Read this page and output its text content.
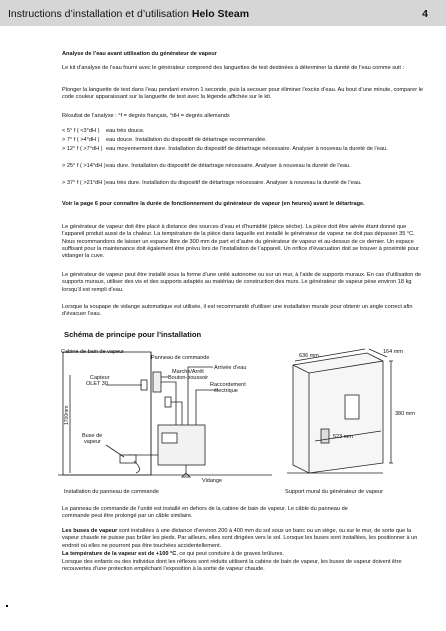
Instructions d’installation et d’utilisation Helo Steam	4

Analyse de l’eau avant utilisation du générateur de vapeur

Le kit d’analyse de l’eau fourni avec le générateur comprend des languettes de test destinées à déterminer la dureté de l’eau comme suit :

Plonger la languette de test dans l’eau pendant environ 1 seconde, puis la secouer pour éliminer l’excès d’eau. Au bout d’une minute, comparer le code couleur apparaissant sur la languette de test avec la légende affichée sur le kit.

Résultat de l’analyse : °f = degrés français, °dH = degrés allemands

< 5° f ( <3°dH )	eau très douce.
> 7° f ( >4°dH )	eau douce. Installation du dispositif de détartrage recommandée.
> 12° f ( >7°dH ) eau moyennement dure. Installation du dispositif de détartrage nécessaire. Analyser à nouveau la dureté de l’eau.
> 25° f ( >14°dH ) eau dure. Installation du dispositif de détartrage nécessaire. Analyser à nouveau la dureté de l’eau.
> 37° f ( >21°dH ) eau très dure. Installation du dispositif de détartrage nécessaire. Analyser à nouveau la dureté de l’eau.

Voir la page 6 pour connaître la durée de fonctionnement du générateur de vapeur (en heures) avant le détartrage.

Le générateur de vapeur doit être placé à distance des sources d’eau et d’humidité (pièce sèche). La pièce doit être aérée étant donné que l’appareil produit aussi de la chaleur. La température de la pièce dans laquelle est installé le générateur de vapeur ne doit pas dépasser 35 °C. Nous recommandons de laisser un espace libre de 300 mm de part et d’autre du générateur de vapeur et au-dessus de ce dernier. Un espace suffisant pour la maintenance doit également être prévu lors de l’installation de l’appareil. Un orifice d’évacuation doit se trouver à proximité pour vidanger la cuve.

Le générateur de vapeur peut être installé sous la forme d’une unité autonome ou sur un mur, à l’aide de supports muraux. En cas d’utilisation de supports muraux, utiliser des vis et des supports adaptés au matériau de construction des murs. Le générateur de vapeur pèse environ 18 kg lorsqu’il est rempli d’eau.

Lorsque la soupape de vidange automatique est utilisée, il est recommandé d’utiliser une installation murale pour obtenir un angle correct afin d’évacuer l’eau.

Schéma de principe pour l’installation
Cabine de bain de vapeur
Panneau de commande
Marche/Arrêt
Bouton-poussoir
Capteur
OLET 30
Arrivée d’eau
Raccordement
électrique
1700mm
Buse de
vapeur
Vidange
636 mm
164 mm
380 mm
523 mm
Installation du panneau de commande	Support mural du générateur de vapeur

Le panneau de commande de l’unité est installé en dehors de la cabine de bain de vapeur. Le câble du panneau de commande peut être prolongé par un câble similaire.

Les buses de vapeur sont installées à une distance d’environ 200 à 400 mm du sol sous un banc ou un siège, ou sur le mur, de sorte que la vapeur chaude ne puisse pas brûler les pieds. Par ailleurs, elles sont dirigées vers le sol. Lorsque les buses sont installées, les positionner à un endroit où elles ne pourront pas être touchées accidentellement.

La température de la vapeur est de +100 °C, ce qui peut conduire à de graves brûlures.

Lorsque des enfants ou des individus dont les réflexes sont réduits utilisent la cabine de bain de vapeur, les buses de vapeur doivent être recouvertes d’une protection empêchant l’exposition à la sortie de vapeur chaude.
